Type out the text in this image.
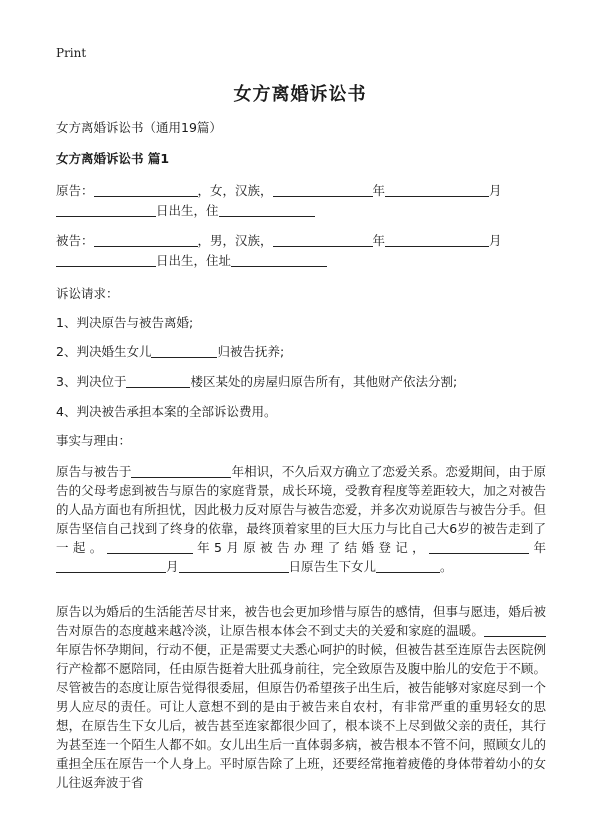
Print
女方离婚诉讼书
女方离婚诉讼书（通用19篇）
女方离婚诉讼书 篇1
原告：	，女，汉族，	年	月
日出生，住
被告：	，男，汉族，	年	月
日出生，住址
诉讼请求：
1、判决原告与被告离婚;
2、判决婚生女儿	归被告抚养;
3、判决位于	楼区某处的房屋归原告所有，其他财产依法分割;
4、判决被告承担本案的全部诉讼费用。
事实与理由：
原告与被告于	年相识，不久后双方确立了恋爱关系。恋爱期间，由于原告的父母考虑到被告与原告的家庭背景，成长环境，受教育程度等差距较大，加之对被告的人品方面也有所担忧，因此极力反对原告与被告恋爱，并多次劝说原告与被告分手。但原告坚信自己找到了终身的依靠，最终顶着家里的巨大压力与比自己大6岁的被告走到了一起。	年5月原被告办理了结婚登记，	年月	日原告生下女儿	。
原告以为婚后的生活能苦尽甘来，被告也会更加珍惜与原告的感情，但事与愿违，婚后被告对原告的态度越来越冷淡，让原告根本体会不到丈夫的关爱和家庭的温暖。年原告怀孕期间，行动不便，正是需要丈夫悉心呵护的时候，但被告甚至连原告去医院例行产检都不愿陪同，任由原告挺着大肚孤身前往，完全致原告及腹中胎儿的安危于不顾。尽管被告的态度让原告觉得很委屈，但原告仍希望孩子出生后，被告能够对家庭尽到一个男人应尽的责任。可让人意想不到的是由于被告来自农村，有非常严重的重男轻女的思想，在原告生下女儿后，被告甚至连家都很少回了，根本谈不上尽到做父亲的责任，其行为甚至连一个陌生人都不如。女儿出生后一直体弱多病，被告根本不管不问，照顾女儿的重担全压在原告一个人身上。平时原告除了上班，还要经常拖着疲倦的身体带着幼小的女儿往返奔波于省
